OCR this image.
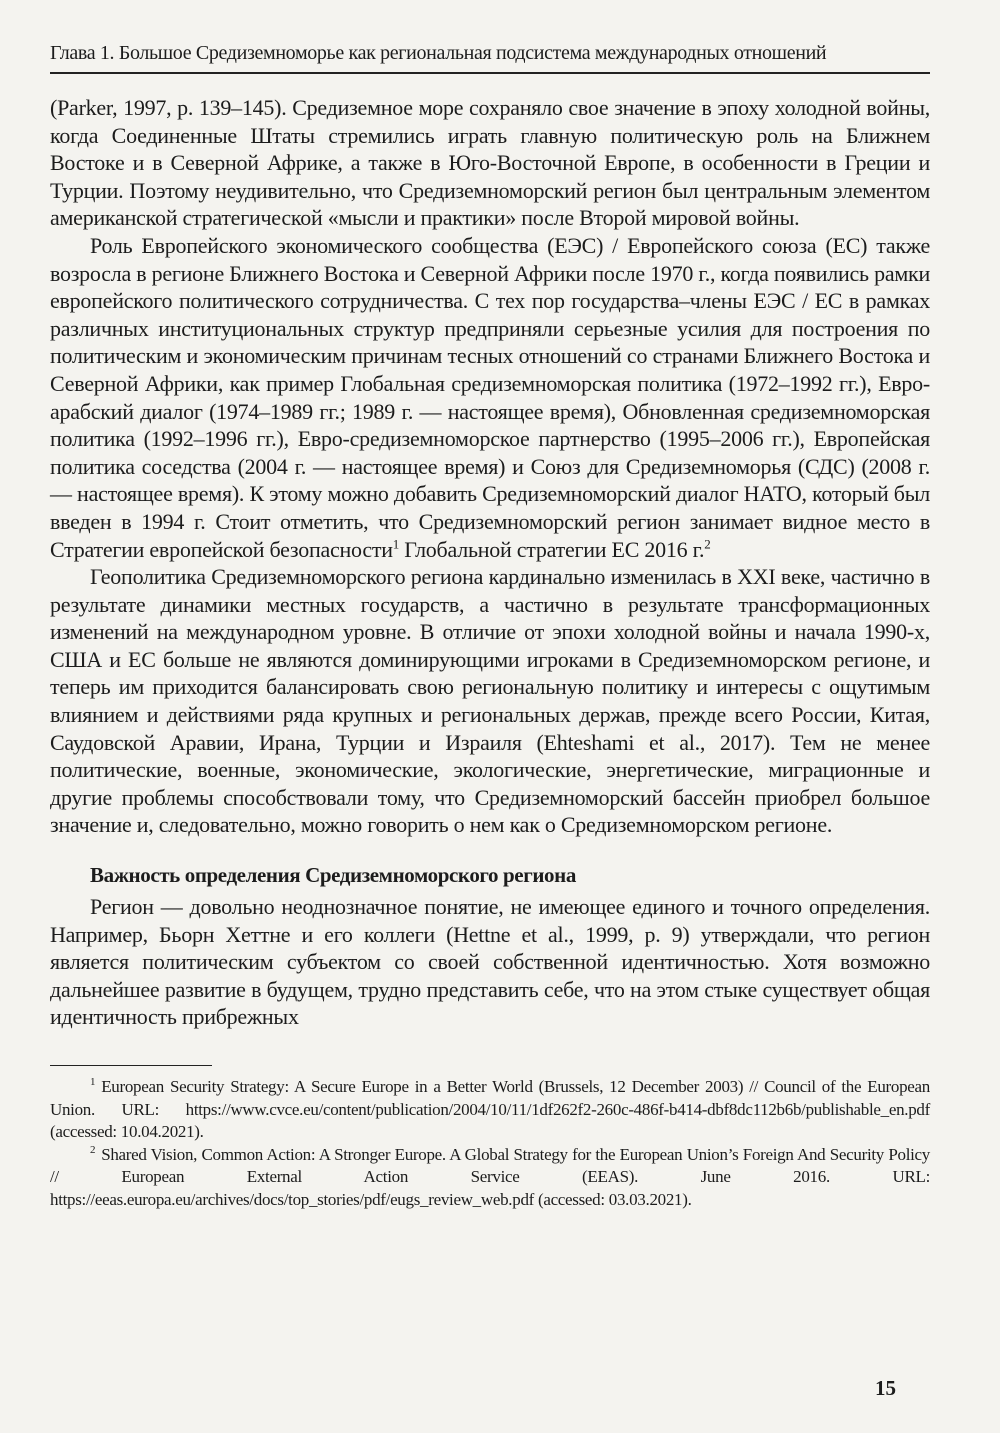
Глава 1. Большое Средиземноморье как региональная подсистема международных отношений

(Parker, 1997, p. 139–145). Средиземное море сохраняло свое значение в эпоху холодной войны, когда Соединенные Штаты стремились играть главную политическую роль на Ближнем Востоке и в Северной Африке, а также в Юго-Восточной Европе, в особенности в Греции и Турции. Поэтому неудивительно, что Средиземноморский регион был центральным элементом американской стратегической «мысли и практики» после Второй мировой войны.

Роль Европейского экономического сообщества (ЕЭС) / Европейского союза (ЕС) также возросла в регионе Ближнего Востока и Северной Африки после 1970 г., когда появились рамки европейского политического сотрудничества. С тех пор государства–члены ЕЭС / ЕС в рамках различных институциональных структур предприняли серьезные усилия для построения по политическим и экономическим причинам тесных отношений со странами Ближнего Востока и Северной Африки, как пример Глобальная средиземноморская политика (1972–1992 гг.), Евро-арабский диалог (1974–1989 гг.; 1989 г. — настоящее время), Обновленная средиземноморская политика (1992–1996 гг.), Евро-средиземноморское партнерство (1995–2006 гг.), Европейская политика соседства (2004 г. — настоящее время) и Союз для Средиземноморья (СДС) (2008 г. — настоящее время). К этому можно добавить Средиземноморский диалог НАТО, который был введен в 1994 г. Стоит отметить, что Средиземноморский регион занимает видное место в Стратегии европейской безопасности$^1$ Глобальной стратегии ЕС 2016 г.$^2$

Геополитика Средиземноморского региона кардинально изменилась в XXI веке, частично в результате динамики местных государств, а частично в результате трансформационных изменений на международном уровне. В отличие от эпохи холодной войны и начала 1990-х, США и ЕС больше не являются доминирующими игроками в Средиземноморском регионе, и теперь им приходится балансировать свою региональную политику и интересы с ощутимым влиянием и действиями ряда крупных и региональных держав, прежде всего России, Китая, Саудовской Аравии, Ирана, Турции и Израиля (Ehteshami et al., 2017). Тем не менее политические, военные, экономические, экологические, энергетические, миграционные и другие проблемы способствовали тому, что Средиземноморский бассейн приобрел большое значение и, следовательно, можно говорить о нем как о Средиземноморском регионе.

Важность определения Средиземноморского региона

Регион — довольно неоднозначное понятие, не имеющее единого и точного определения. Например, Бьорн Хеттне и его коллеги (Hettne et al., 1999, p. 9) утверждали, что регион является политическим субъектом со своей собственной идентичностью. Хотя возможно дальнейшее развитие в будущем, трудно представить себе, что на этом стыке существует общая идентичность прибрежных

$^1$ European Security Strategy: A Secure Europe in a Better World (Brussels, 12 December 2003) // Council of the European Union. URL: https://www.cvce.eu/content/publication/2004/10/11/1df262f2-260c-486f-b414-dbf8dc112b6b/publishable_en.pdf (accessed: 10.04.2021).

$^2$ Shared Vision, Common Action: A Stronger Europe. A Global Strategy for the European Union’s Foreign And Security Policy // European External Action Service (EEAS). June 2016. URL: https://eeas.europa.eu/archives/docs/top_stories/pdf/eugs_review_web.pdf (accessed: 03.03.2021).

15
